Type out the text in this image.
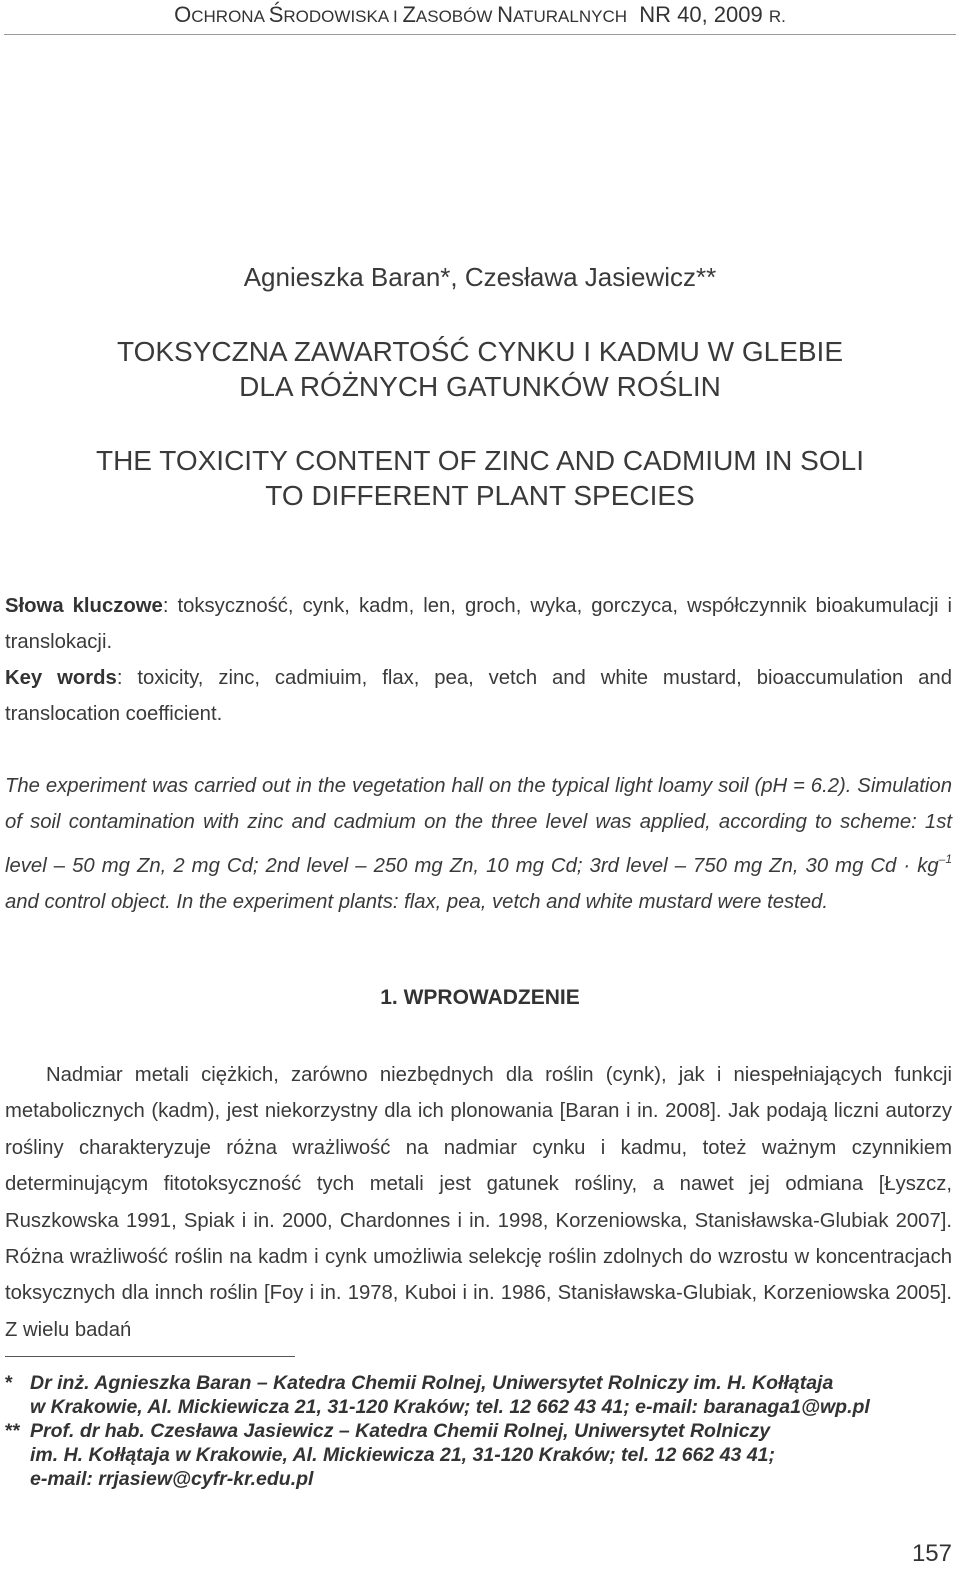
OCHRONA ŚRODOWISKA I ZASOBÓW NATURALNYCH  NR 40, 2009 R.
Agnieszka Baran*, Czesława Jasiewicz**
TOKSYCZNA ZAWARTOŚĆ CYNKU I KADMU W GLEBIE
DLA RÓŻNYCH GATUNKÓW ROŚLIN
THE TOXICITY CONTENT OF ZINC AND CADMIUM IN SOLI
TO DIFFERENT PLANT SPECIES
Słowa kluczowe: toksyczność, cynk, kadm, len, groch, wyka, gorczyca, współczynnik bioakumulacji i translokacji.
Key words: toxicity, zinc, cadmiuim, flax, pea, vetch and white mustard, bioaccumulation and translocation coefficient.
The experiment was carried out in the vegetation hall on the typical light loamy soil (pH = 6.2). Simulation of soil contamination with zinc and cadmium on the three level was applied, according to scheme: 1st level – 50 mg Zn, 2 mg Cd; 2nd level – 250 mg Zn, 10 mg Cd; 3rd level – 750 mg Zn, 30 mg $Cd \cdot kg^{-1}$ and control object. In the experiment plants: flax, pea, vetch and white mustard were tested.
1. WPROWADZENIE
Nadmiar metali ciężkich, zarówno niezbędnych dla roślin (cynk), jak i niespełniających funkcji metabolicznych (kadm), jest niekorzystny dla ich plonowania [Baran i in. 2008]. Jak podają liczni autorzy rośliny charakteryzuje różna wrażliwość na nadmiar cynku i kadmu, toteż ważnym czynnikiem determinującym fitotoksyczność tych metali jest gatunek rośliny, a nawet jej odmiana [Łyszcz, Ruszkowska 1991, Spiak i in. 2000, Chardonnes i in. 1998, Korzeniowska, Stanisławska-Glubiak 2007]. Różna wrażliwość roślin na kadm i cynk umożliwia selekcję roślin zdolnych do wzrostu w koncentracjach toksycznych dla innch roślin [Foy i in. 1978, Kuboi i in. 1986, Stanisławska-Glubiak, Korzeniowska 2005]. Z wielu badań
* Dr inż. Agnieszka Baran – Katedra Chemii Rolnej, Uniwersytet Rolniczy im. H. Kołłątaja
w Krakowie, Al. Mickiewicza 21, 31-120 Kraków; tel. 12 662 43 41; e-mail: baranaga1@wp.pl
** Prof. dr hab. Czesława Jasiewicz – Katedra Chemii Rolnej, Uniwersytet Rolniczy
im. H. Kołłątaja w Krakowie, Al. Mickiewicza 21, 31-120 Kraków; tel. 12 662 43 41;
e-mail: rrjasiew@cyfr-kr.edu.pl
157
